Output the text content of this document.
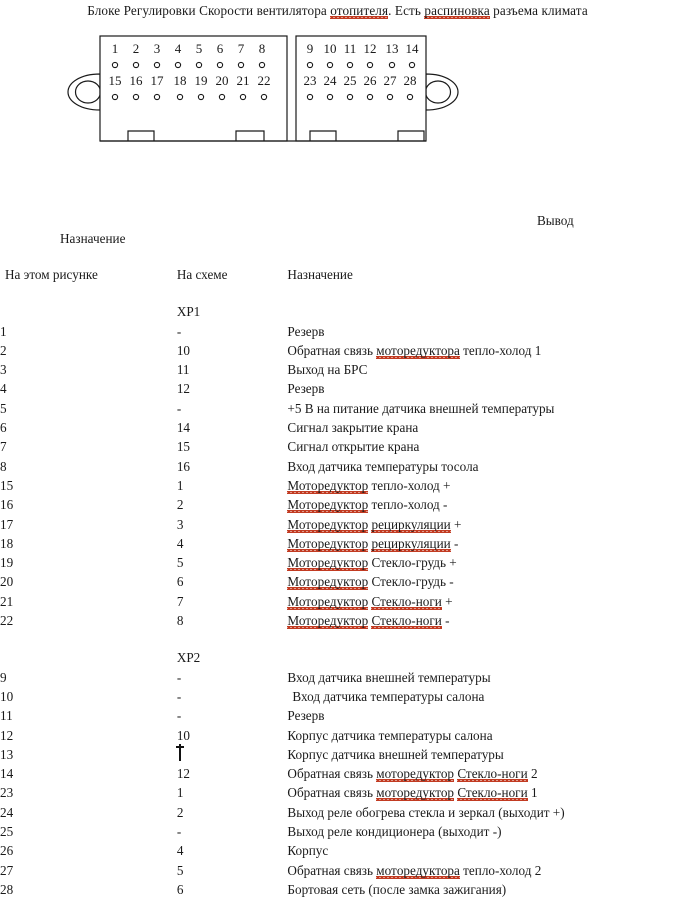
Блоке Регулировки Скорости вентилятора отопителя. Есть распиновка разъема климата
1 2 3 4 5 6 7 8
15 16 17 18 19 20 21 22
9 10 11 12 13 14
23 24 25 26 27 28
Вывод
Назначение
На этом рисунке	На схеме	Назначение

	XP1	
1	-	Резерв
2	10	Обратная связь мотoредуктора тепло-холод 1
3	11	Выход на БРС
4	12	Резерв
5	-	+5 В на питание датчика внешней температуры
6	14	Сигнал закрытие крана
7	15	Сигнал открытие крана
8	16	Вход датчика температуры тосола
15	1	Мотoредуктор тепло-холод +
16	2	Мотoредуктор тепло-холод -
17	3	Мотoредуктор рециркуляции +
18	4	Мотoредуктор рециркуляции -
19	5	Мотoредуктор Стекло-грудь +
20	6	Мотoредуктор Стекло-грудь -
21	7	Мотoредуктор Стекло-ноги +
22	8	Мотoредуктор Стекло-ноги -

	XP2	
9	-	Вход датчика внешней температуры
10	-	Вход датчика температуры салона
11	-	Резерв
12	10	Корпус датчика температуры салона
13		Корпус датчика внешней температуры
14	12	Обратная связь мотoредуктор Стекло-ноги 2
23	1	Обратная связь мотoредуктор Стекло-ноги 1
24	2	Выход реле обогрева стекла и зеркал (выходит +)
25	-	Выход реле кондиционера (выходит -)
26	4	Корпус
27	5	Обратная связь мотoредуктора тепло-холод 2
28	6	Бортовая сеть (после замка зажигания)
